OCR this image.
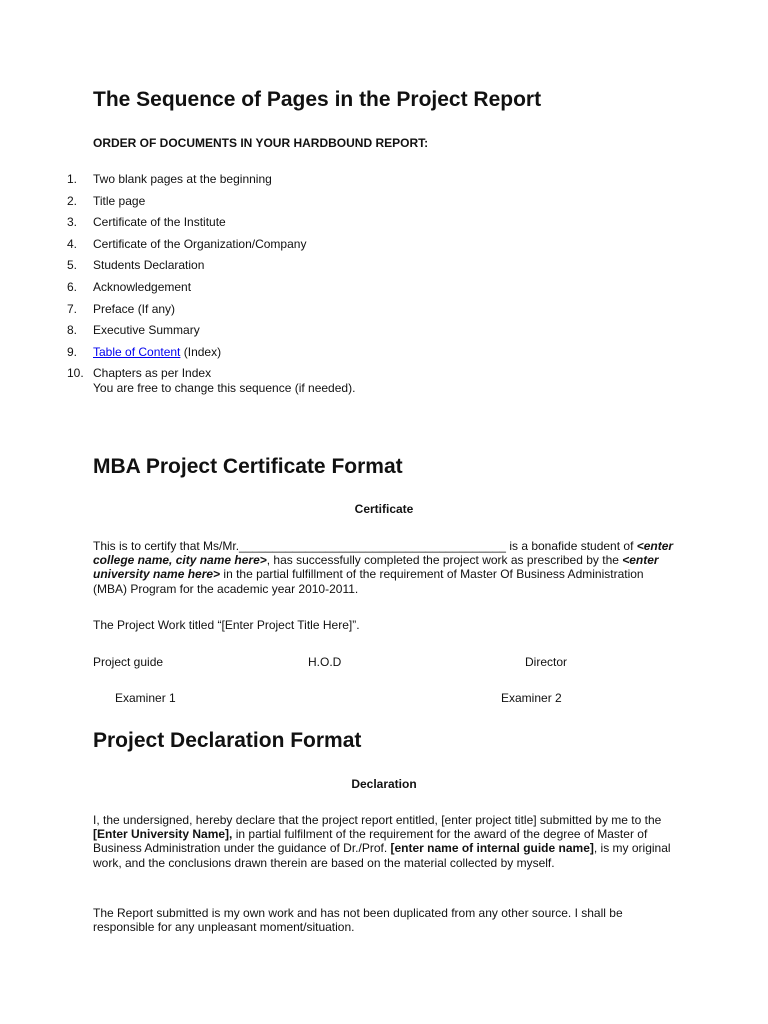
The Sequence of Pages in the Project Report
ORDER OF DOCUMENTS IN YOUR HARDBOUND REPORT:
1.	Two blank pages at the beginning
2.	Title page
3.	Certificate of the Institute
4.	Certificate of the Organization/Company
5.	Students Declaration
6.	Acknowledgement
7.	Preface (If any)
8.	Executive Summary
9.	Table of Content (Index)
10. Chapters as per Index
You are free to change this sequence (if needed).
MBA Project Certificate Format
Certificate
This is to certify that Ms/Mr.________________________________________ is a bonafide student of <enter college name, city name here>, has successfully completed the project work as prescribed by the <enter university name here> in the partial fulfillment of the requirement of Master Of Business Administration (MBA) Program for the academic year 2010-2011.
The Project Work titled “[Enter Project Title Here]”.
Project guide	H.O.D	Director
Examiner 1	Examiner 2
Project Declaration Format
Declaration
I, the undersigned, hereby declare that the project report entitled, [enter project title] submitted by me to the [Enter University Name], in partial fulfilment of the requirement for the award of the degree of Master of Business Administration under the guidance of Dr./Prof. [enter name of internal guide name], is my original work, and the conclusions drawn therein are based on the material collected by myself.
The Report submitted is my own work and has not been duplicated from any other source. I shall be responsible for any unpleasant moment/situation.
